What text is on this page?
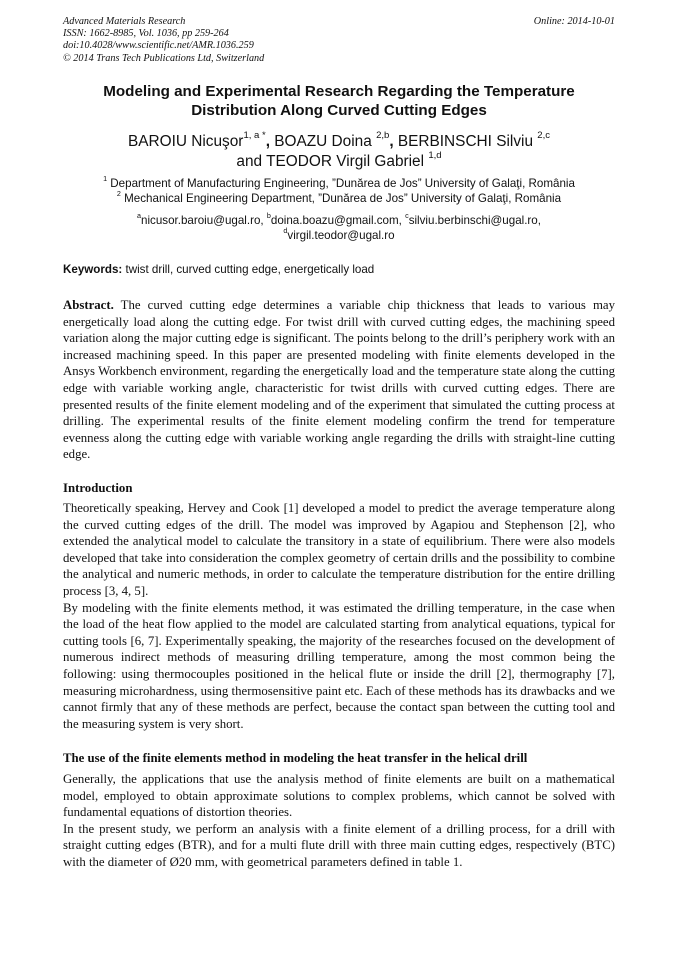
Advanced Materials Research
ISSN: 1662-8985, Vol. 1036, pp 259-264
doi:10.4028/www.scientific.net/AMR.1036.259
© 2014 Trans Tech Publications Ltd, Switzerland
Online: 2014-10-01
Modeling and Experimental Research Regarding the Temperature
Distribution Along Curved Cutting Edges
BAROIU Nicuşor$^{1, a *}$, BOAZU Doina $^{2,b}$, BERBINSCHI Silviu $^{2,c}$
and TEODOR Virgil Gabriel $^{1,d}$
$^1$ Department of Manufacturing Engineering, ”Dunărea de Jos” University of Galaţi, România
$^2$ Mechanical Engineering Department, ”Dunărea de Jos” University of Galaţi, România
$^a$nicusor.baroiu@ugal.ro, $^b$doina.boazu@gmail.com, $^c$silviu.berbinschi@ugal.ro,
$^d$virgil.teodor@ugal.ro
Keywords: twist drill, curved cutting edge, energetically load
Abstract. The curved cutting edge determines a variable chip thickness that leads to various may energetically load along the cutting edge. For twist drill with curved cutting edges, the machining speed variation along the major cutting edge is significant. The points belong to the drill’s periphery work with an increased machining speed. In this paper are presented modeling with finite elements developed in the Ansys Workbench environment, regarding the energetically load and the temperature state along the cutting edge with variable working angle, characteristic for twist drills with curved cutting edges. There are presented results of the finite element modeling and of the experiment that simulated the cutting process at drilling. The experimental results of the finite element modeling confirm the trend for temperature evenness along the cutting edge with variable working angle regarding the drills with straight-line cutting edge.
Introduction

Theoretically speaking, Hervey and Cook [1] developed a model to predict the average temperature along the curved cutting edges of the drill. The model was improved by Agapiou and Stephenson [2], who extended the analytical model to calculate the transitory in a state of equilibrium. There were also models developed that take into consideration the complex geometry of certain drills and the possibility to combine the analytical and numeric methods, in order to calculate the temperature distribution for the entire drilling process [3, 4, 5].

By modeling with the finite elements method, it was estimated the drilling temperature, in the case when the load of the heat flow applied to the model are calculated starting from analytical equations, typical for cutting tools [6, 7]. Experimentally speaking, the majority of the researches focused on the development of numerous indirect methods of measuring drilling temperature, among the most common being the following: using thermocouples positioned in the helical flute or inside the drill [2], thermography [7], measuring microhardness, using thermosensitive paint etc. Each of these methods has its drawbacks and we cannot firmly that any of these methods are perfect, because the contact span between the cutting tool and the measuring system is very short.

The use of the finite elements method in modeling the heat transfer in the helical drill

Generally, the applications that use the analysis method of finite elements are built on a mathematical model, employed to obtain approximate solutions to complex problems, which cannot be solved with fundamental equations of distortion theories.

In the present study, we perform an analysis with a finite element of a drilling process, for a drill with straight cutting edges (BTR), and for a multi flute drill with three main cutting edges, respectively (BTC) with the diameter of Ø20 mm, with geometrical parameters defined in table 1.
